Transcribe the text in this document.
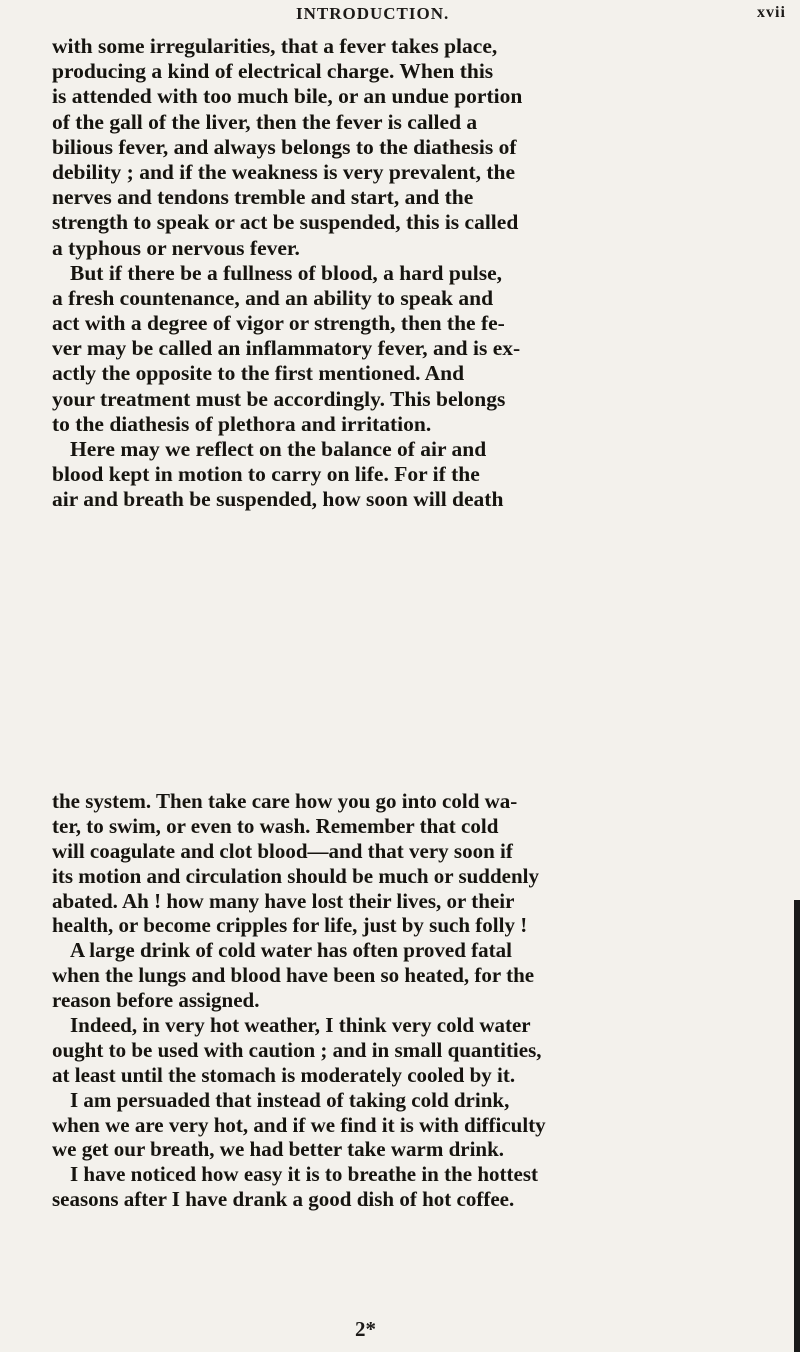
INTRODUCTION.	xvii
with some irregularities, that a fever takes place,
producing a kind of electrical charge. When this
is attended with too much bile, or an undue portion
of the gall of the liver, then the fever is called a
bilious fever, and always belongs to the diathesis of
debility ; and if the weakness is very prevalent, the
nerves and tendons tremble and start, and the
strength to speak or act be suspended, this is called
a typhous or nervous fever.
But if there be a fullness of blood, a hard pulse,
a fresh countenance, and an ability to speak and
act with a degree of vigor or strength, then the fe-
ver may be called an inflammatory fever, and is ex-
actly the opposite to the first mentioned. And
your treatment must be accordingly. This belongs
to the diathesis of plethora and irritation.
Here may we reflect on the balance of air and
blood kept in motion to carry on life. For if the
air and breath be suspended, how soon will death
the system. Then take care how you go into cold wa-
ter, to swim, or even to wash. Remember that cold
will coagulate and clot blood—and that very soon if
its motion and circulation should be much or suddenly
abated. Ah ! how many have lost their lives, or their
health, or become cripples for life, just by such folly !
A large drink of cold water has often proved fatal
when the lungs and blood have been so heated, for the
reason before assigned.
Indeed, in very hot weather, I think very cold water
ought to be used with caution ; and in small quantities,
at least until the stomach is moderately cooled by it.
I am persuaded that instead of taking cold drink,
when we are very hot, and if we find it is with difficulty
we get our breath, we had better take warm drink.
I have noticed how easy it is to breathe in the hottest
seasons after I have drank a good dish of hot coffee.
2*
